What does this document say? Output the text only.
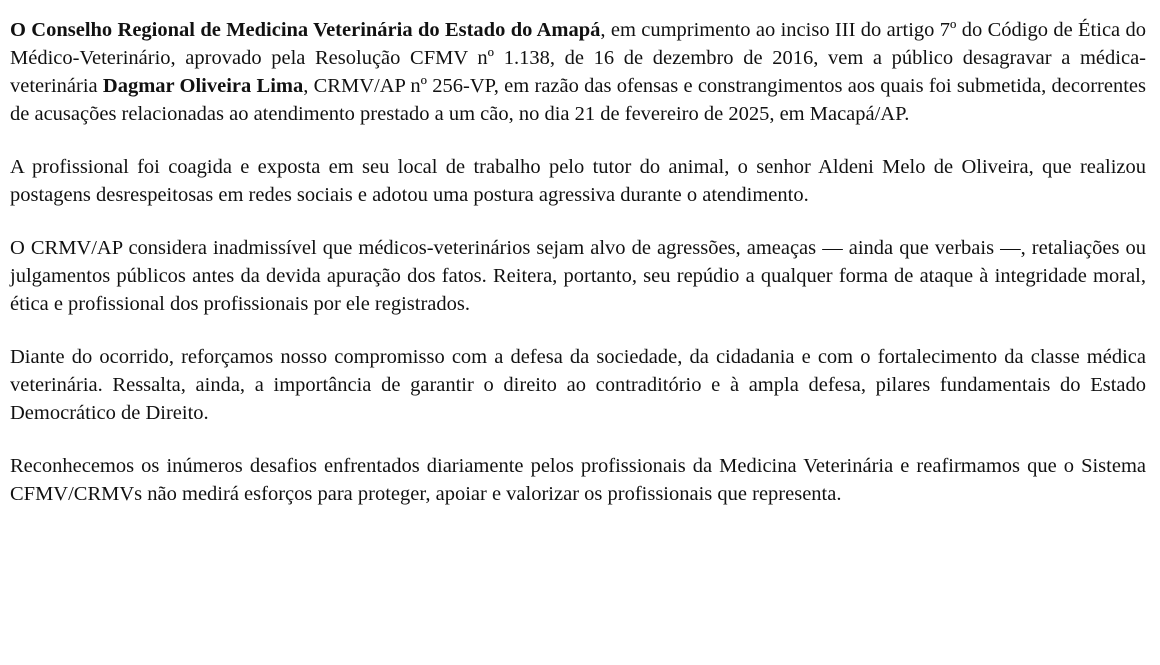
O Conselho Regional de Medicina Veterinária do Estado do Amapá, em cumprimento ao inciso III do artigo 7º do Código de Ética do Médico-Veterinário, aprovado pela Resolução CFMV nº 1.138, de 16 de dezembro de 2016, vem a público desagravar a médica-veterinária Dagmar Oliveira Lima, CRMV/AP nº 256-VP, em razão das ofensas e constrangimentos aos quais foi submetida, decorrentes de acusações relacionadas ao atendimento prestado a um cão, no dia 21 de fevereiro de 2025, em Macapá/AP.

A profissional foi coagida e exposta em seu local de trabalho pelo tutor do animal, o senhor Aldeni Melo de Oliveira, que realizou postagens desrespeitosas em redes sociais e adotou uma postura agressiva durante o atendimento.

O CRMV/AP considera inadmissível que médicos-veterinários sejam alvo de agressões, ameaças — ainda que verbais —, retaliações ou julgamentos públicos antes da devida apuração dos fatos. Reitera, portanto, seu repúdio a qualquer forma de ataque à integridade moral, ética e profissional dos profissionais por ele registrados.

Diante do ocorrido, reforçamos nosso compromisso com a defesa da sociedade, da cidadania e com o fortalecimento da classe médica veterinária. Ressalta, ainda, a importância de garantir o direito ao contraditório e à ampla defesa, pilares fundamentais do Estado Democrático de Direito.

Reconhecemos os inúmeros desafios enfrentados diariamente pelos profissionais da Medicina Veterinária e reafirmamos que o Sistema CFMV/CRMVs não medirá esforços para proteger, apoiar e valorizar os profissionais que representa.
